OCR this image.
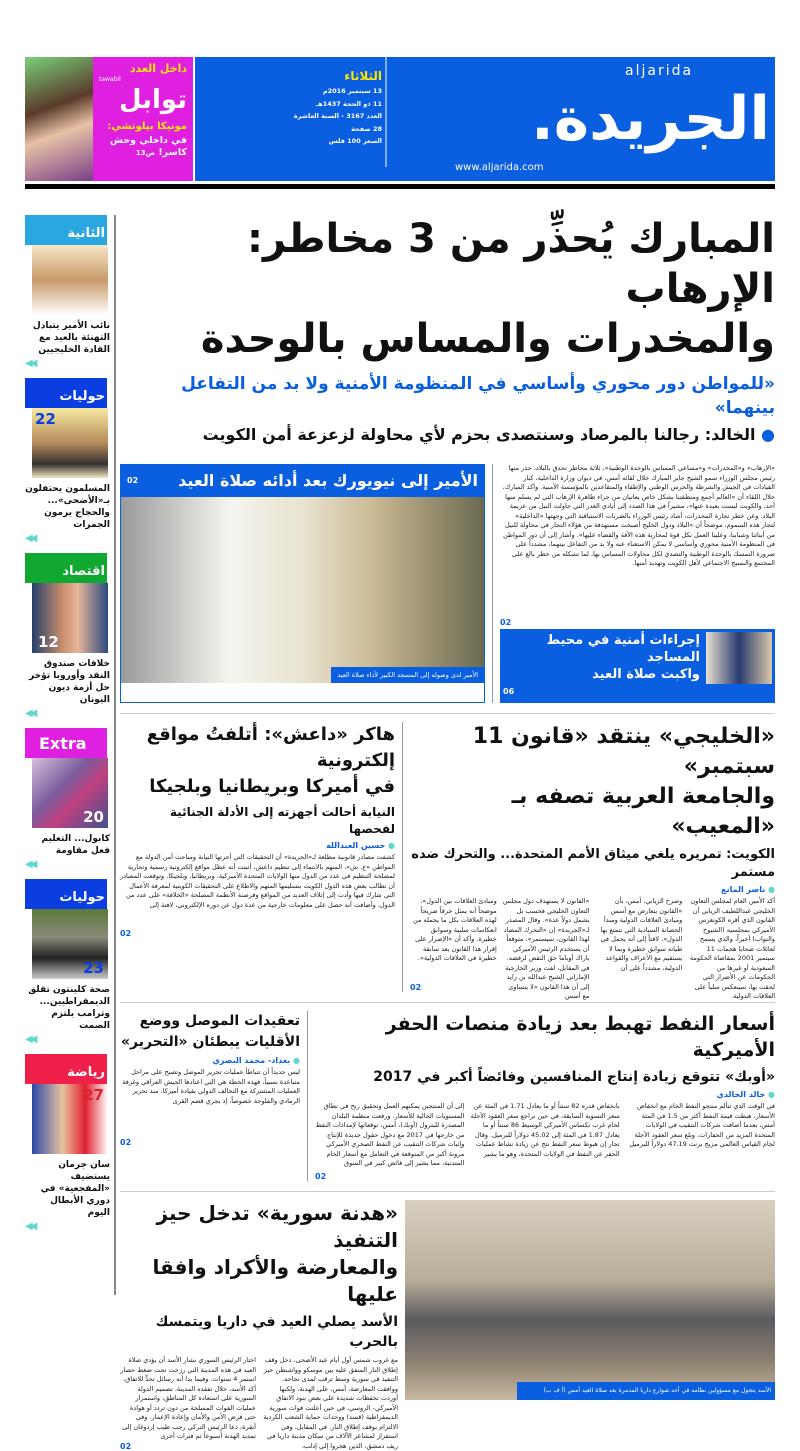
داخل العدد
tawabil
توابل
مونيكا بيلوتشي:
في داخلي وحش كاسر! ص13
الثلاثاء
13 سبتمبر 2016م
11 ذو الحجة 1437هـ
العدد 3167 - السنة العاشرة
28 صفحة
السعر 100 فلس
aljarida
الجريدة.
www.aljarida.com
الثانية
نائب الأمير يتبادل التهنئة بالعيد مع القادة الخليجيين
◀◀
حوليات
22
المسلمون يحتفلون بـ«الأضحى»... والحجاج يرمون الجمرات
◀◀
اقتصاد
12
خلافات صندوق النقد وأوروبا تؤخر حل أزمة ديون اليونان
◀◀
Extra
20
كابول... التعليم فعل مقاومة
◀◀
حوليات
23
صحة كلينتون تقلق الديمقراطيين... وترامب يلتزم الصمت
◀◀
رياضة
27
سان جرمان يستضيف «المفجعية» في دوري الأبطال اليوم
◀◀
المبارك يُحذِّر من 3 مخاطر: الإرهاب
والمخدرات والمساس بالوحدة
«للمواطن دور محوري وأساسي في المنظومة الأمنية ولا بد من التفاعل بينهما»
● الخالد: رجالنا بالمرصاد وسنتصدى بحزم لأي محاولة لزعزعة أمن الكويت
«الإرهاب» و«المخدرات» و«مساعي المساس بالوحدة الوطنية»، ثلاثة مخاطر تحدق بالبلاد، حذر منها رئيس مجلس الوزراء سمو الشيخ جابر المبارك خلال لقائه أمس، في ديوان وزارة الداخلية، كبار القيادات في الجيش والشرطة والحرس الوطني والإطفاء والمتقاعدين بالمؤسسة الأمنية. وأكد المبارك، خلال اللقاء أن «العالم أجمع ومنطقتنا بشكل خاص يعانيان من جراء ظاهرة الإرهاب التي لم يسلم منها أحد، والكويت ليست بعيدة عنها»، مشيراً في هذا الصدد إلى أيادي الغدر التي حاولت النيل من عزيمة البلاد. وعن خطر تجارة المخدرات، أشاد رئيس الوزراء بالضربات الاستباقية التي وجهتها «الداخلية» لتجار هذه السموم، موضحاً أن «البلاد ودول الخليج أصبحت مستهدفة من هؤلاء التجار في محاولة للنيل من أبنائنا وشبابنا، وعلينا العمل بكل قوة لمحاربة هذه الآفة والقضاء عليها». وأشار إلى أن دور المواطن في المنظومة الأمنية محوري وأساسي لا يمكن الاستغناء عنه ولا بد من التفاعل بينهما، مشدداً على ضرورة التمسك بالوحدة الوطنية والتصدي لكل محاولات المساس بها، لما تشكله من خطر بالغ على المجتمع والنسيج الاجتماعي لأهل الكويت وتهديد أمنها.
02
إجراءات أمنية في محيط المساجد
واكبت صلاة العيد
06
الأمير إلى نيويورك بعد أدائه صلاة العيد
02
الأمير لدى وصوله إلى المسجد الكبير لأداء صلاة العيد
«الخليجي» ينتقد «قانون 11 سبتمبر»
والجامعة العربية تصفه بـ «المعيب»
الكويت: تمريره يلغي ميثاق الأمم المتحدة... والتحرك ضده مستمر
● ناصر المانع
أكد الأمين العام لمجلس التعاون الخليجي عبداللطيف الزياني أن القانون الذي أقره الكونغرس الأميركي بمجلسيه (الشيوخ والنواب) أخيراً، والذي يسمح لعائلات ضحايا هجمات 11 سبتمبر 2001 بمقاضاة الحكومة السعودية أو غيرها من الحكومات عن الأضرار التي لحقت بها، سينعكس سلباً على العلاقات الدولية.
وصرح الزياني، أمس، بأن «القانون يتعارض مع أسس ومبادئ العلاقات الدولية ومبدأ الحصانة السيادية التي تتمتع بها الدول»، لافتاً إلى أنه يحمل في طياته سوابق خطيرة وبما لا يستقيم مع الأعراف والقواعد الدولية، مشدداً على أن
«القانون لا يستهدف دول مجلس التعاون الخليجي فحسب بل يشمل دولاً عدة». وقال المصدر لـ«الجريدة» إن «التحرك المضاد لهذا القانون، سيستمر»، متوقعاً أن يستخدم الرئيس الأميركي باراك أوباما حق النقض لرفضه. في المقابل، لفت وزير الخارجية الإماراتي الشيخ عبدالله بن زايد إلى أن هذا القانون «لا يتساوى مع أسس
ومبادئ العلاقات بين الدول»، موضحاً أنه يمثل خرقاً صريحاً لهذه العلاقات بكل ما يحمله من انعكاسات سلبية وسوابق خطيرة. وأكد أن «الإصرار على إقرار هذا القانون يعد سابقة خطيرة في العلاقات الدولية».
02
هاكر «داعش»: أتلفتُ مواقع إلكترونية
في أميركا وبريطانيا وبلجيكا
النيابة أحالت أجهزته إلى الأدلة الجنائية لفحصها
● حسين العبدالله
كشفت مصادر قانونية مطلعة لـ«الجريدة» أن التحقيقات التي أجرتها النيابة ومباحث أمن الدولة مع المواطن «ع. ش»، المتهم بالانتماء إلى تنظيم داعش، أثبتت أنه عطل مواقع إلكترونية رسمية وتجارية لمصلحة التنظيم في عدد من الدول منها الولايات المتحدة الأميركية، وبريطانيا، وبلجيكا. وتوقعت المصادر أن تطالب بعض هذه الدول الكويت بتسليمها المتهم والاطلاع على التحقيقات الكويتية لمعرفة الأعمال التي شارك فيها وأدت إلى إتلاف العديد من المواقع وقرصنة الأنظمة المصلحة «الخلافة» على عدد من الدول، وأضافت أنه حصل على معلومات خارجية من عدة دول عن دوره الإلكتروني، لافتة إلى
02
أسعار النفط تهبط بعد زيادة منصات الحفر الأميركية
«أوبك» تتوقع زيادة إنتاج المنافسين وفائضاً أكبر في 2017
● خالد الخالدي
في الوقت الذي تتألم منتجو النفط الخام مع انخفاض الأسعار، هبطت قيمة النفط أكثر من 1.5 في المئة أمس، بعدما أضافت شركات التنقيب في الولايات المتحدة المزيد من الحفارات. وبلغ سعر العقود الآجلة لخام القياس العالمي مزيج برنت 47.19 دولاراً للبرميل
بانخفاض قدره 82 سنتاً أو ما يعادل 1.71 في المئة عن سعر التسوية السابقة، في حين تراجع سعر العقود الآجلة لخام غرب تكساس الأميركي الوسيط 86 سنتاً أو ما يعادل 1.87 في المئة إلى 45.02 دولاراً للبرميل. وقال تجار إن هبوط سعر النفط نتج عن زيادة نشاط عمليات الحفر عن النفط في الولايات المتحدة، وهو ما يشير
إلى أن المنتجين يمكنهم العمل وتحقيق ربح في نطاق المستويات الحالية للأسعار. ورفعت منظمة البلدان المصدرة للبترول (أوبك)، أمس، توقعاتها لإمدادات النفط من خارجها في 2017 مع دخول حقول جديدة للإنتاج وإثبات شركات التنقيب عن النفط الصخري الأميركي مرونة أكبر من المتوقعة في التعامل مع أسعار الخام المتدنية، مما يشير إلى فائض كبير في السوق
02
تعقيدات الموصل ووضع
الأقليات يبطئان «التحرير»
● بغداد- محمد البصري
ليس جديداً أن تتباطأ عمليات تحرير الموصل وتصبح على مراحل متباعدة نسبياً، فهذه الخطة هي التي اعتادها الجيش العراقي وغرفة العمليات المشتركة مع التحالف الدولي بقيادة أميركا، منذ تحرير الرمادي والفلوجة خصوصاً، إذ يجري قضم القرى
02
الأسد يتجول مع مسؤولين نظامه في أحد شوارع داريا المدمرة بعد صلاة العيد أمس (أ ف ب)
«هدنة سورية» تدخل حيز التنفيذ
والمعارضة والأكراد وافقا عليها
الأسد يصلي العيد في داريا ويتمسك بالحرب
مع غروب شمس أول أيام عيد الأضحى، دخل وقف إطلاق النار المتفق عليه بين موسكو وواشنطن حيز التنفيذ في سورية وسط ترقب لمدى نجاحه. ووافقت المعارضة، أمس، على الهدنة، ولكنها أوردت تحفظات شديدة على بعض بنود الاتفاق الأميركي- الروسي، في حين أعلنت قوات سورية الديمقراطية (قسد) ووحدات حماية الشعب الكردية الالتزام بوقف إطلاق النار. في المقابل، وفي استفزاز لمشاعر الآلاف من سكان مدينة داريا في ريف دمشق، الذين هجروا إلى إدلب،
اختار الرئيس السوري بشار الأسد أن يؤدي صلاة العيد في هذه المدينة التي رزحت تحت ضغط حصار استمر 4 سنوات. وفيما بدا أنه رسائل تحدٍّ للاتفاق، أكد الأسد، خلال تفقده المدينة، تصميم الدولة السورية على استعادة كل المناطق، واستمرار عمليات القوات المسلحة من دون تردد أو هوادة حتى فرض الأمن والأمان وإعادة الإعمار. وفي أنقرة، دعا الرئيس التركي رجب طيب إردوغان إلى تمديد الهدنة أسبوعاً ثم فترات أخرى
02
